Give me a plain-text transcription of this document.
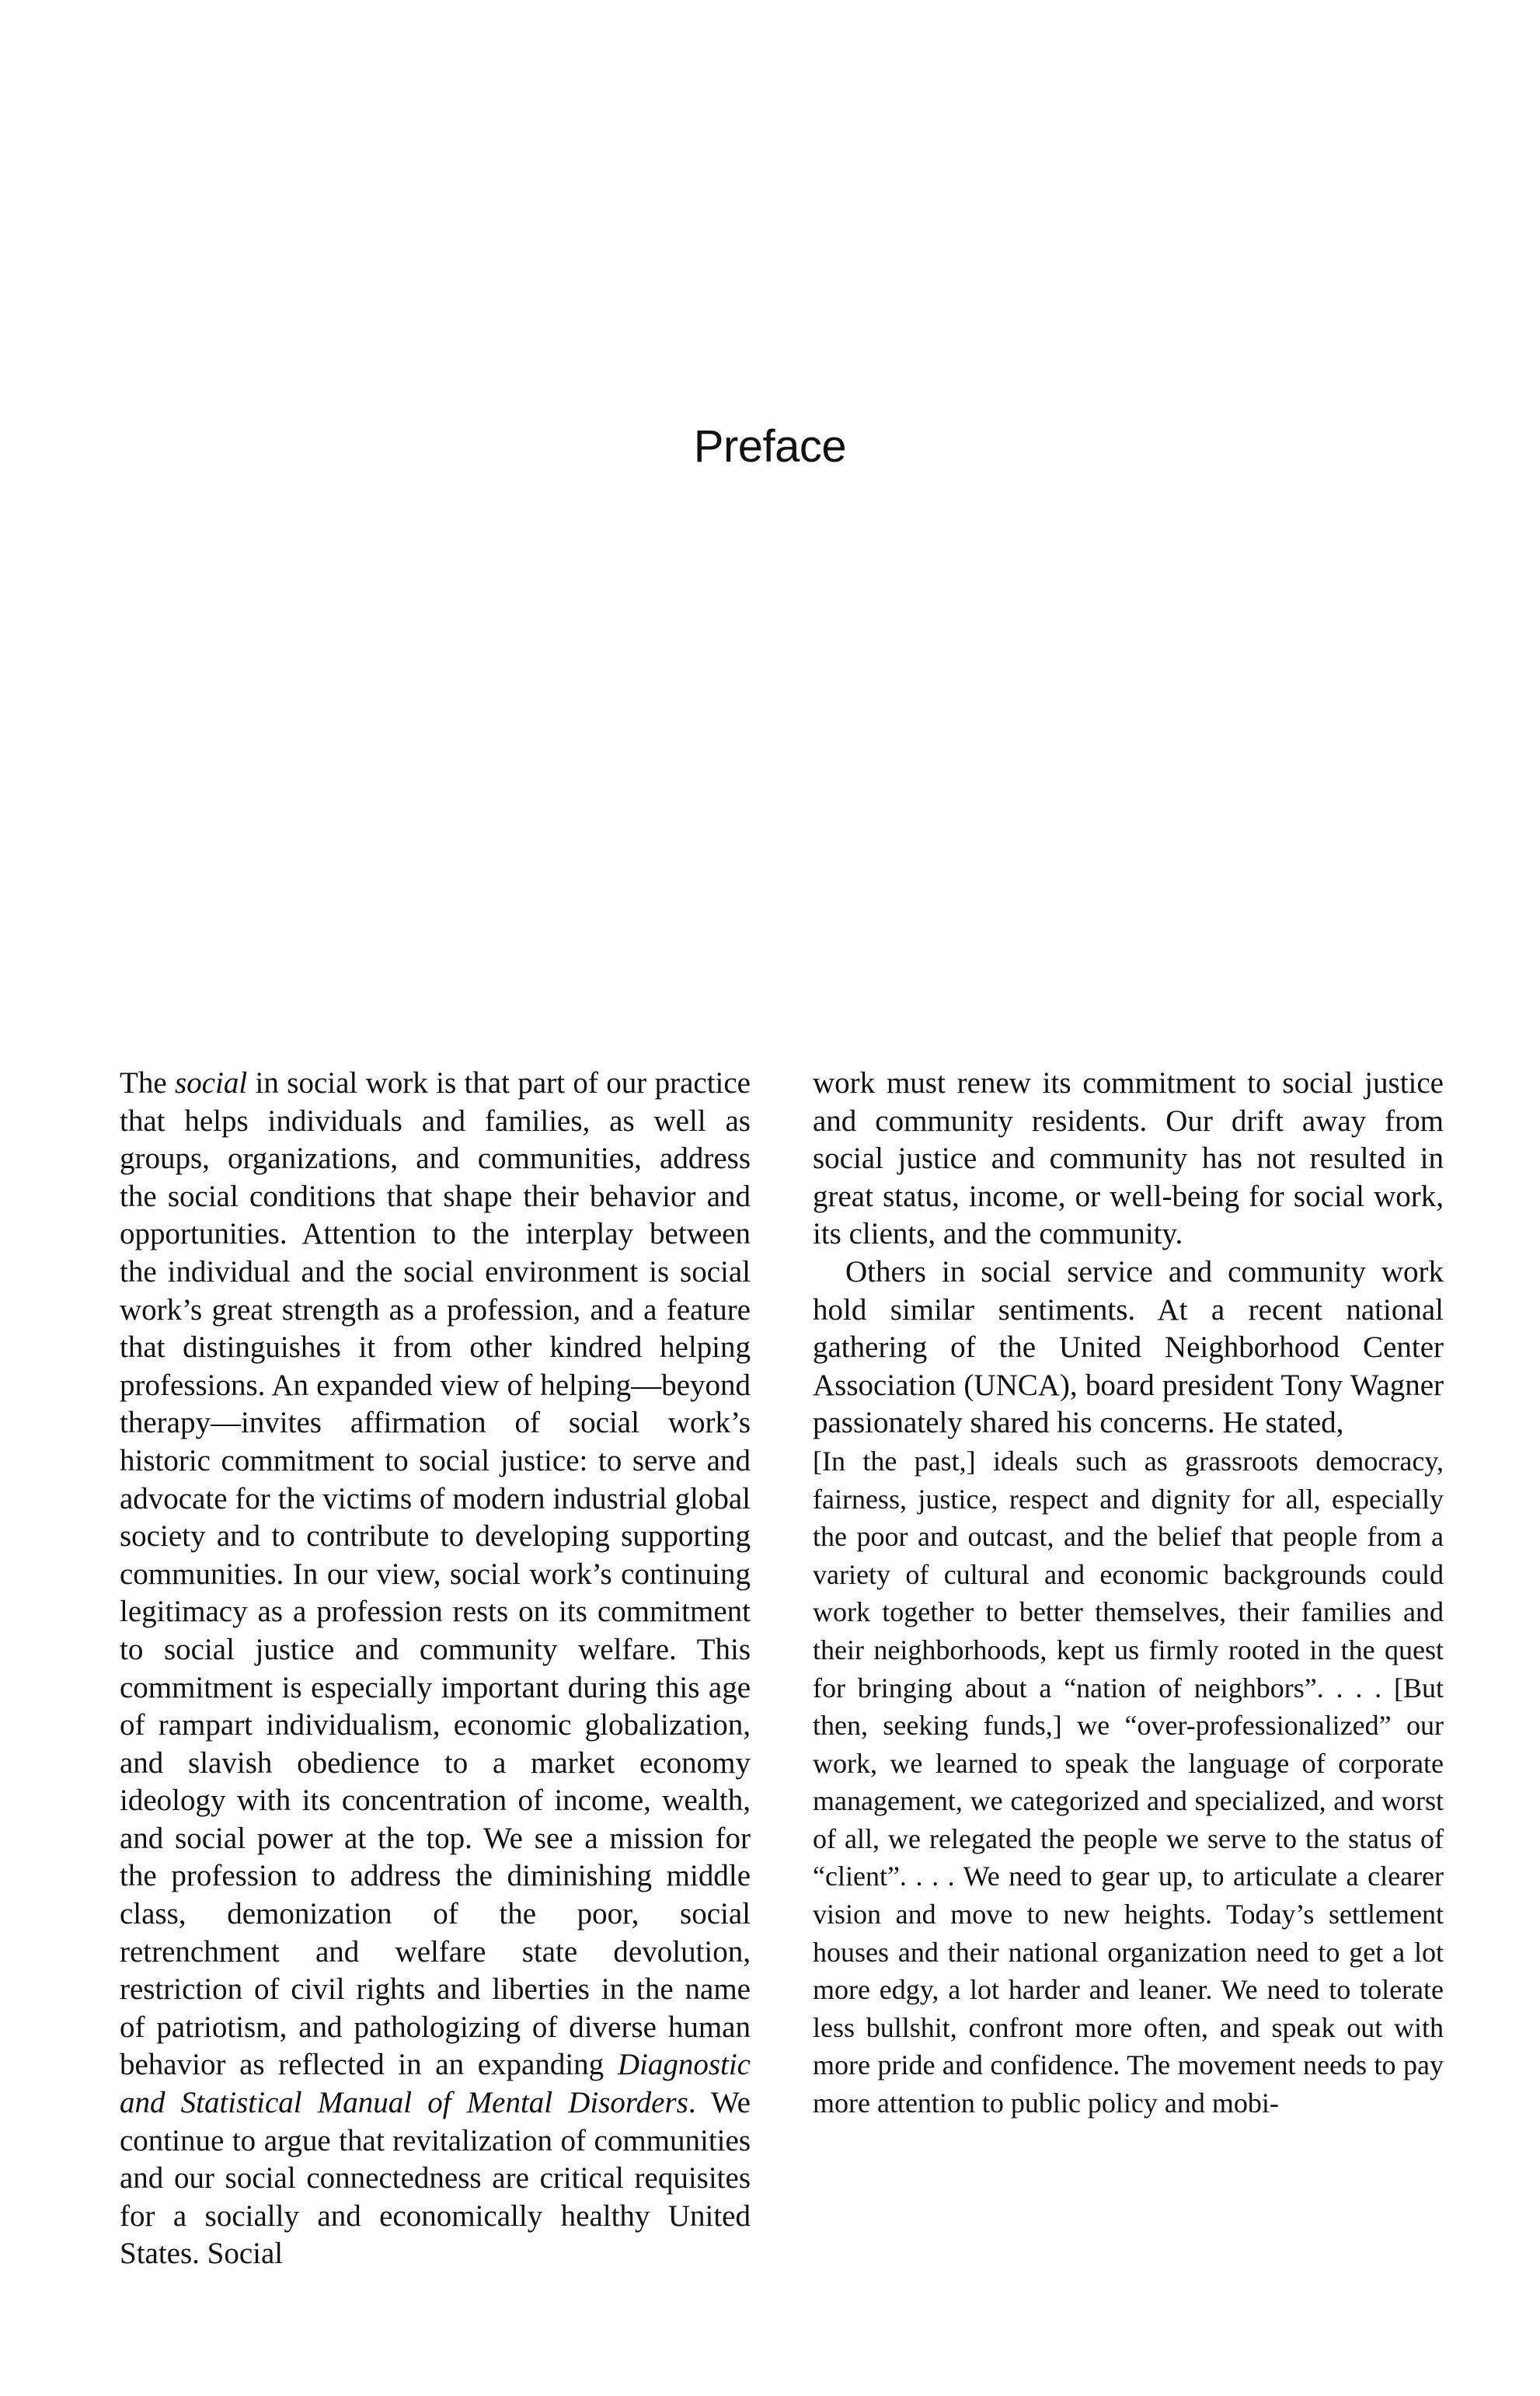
Preface

The social in social work is that part of our practice that helps individuals and families, as well as groups, organizations, and communities, address the social conditions that shape their behavior and opportunities. Attention to the interplay between the individual and the social environment is social work’s great strength as a profession, and a feature that distinguishes it from other kindred helping professions. An expanded view of helping—beyond therapy—invites affirmation of social work’s historic commitment to social justice: to serve and advocate for the victims of modern industrial global society and to contribute to developing supporting communities. In our view, social work’s continuing legitimacy as a profession rests on its commitment to social justice and community welfare. This commitment is especially important during this age of rampart individualism, economic globalization, and slavish obedience to a market economy ideology with its concentration of income, wealth, and social power at the top. We see a mission for the profession to address the diminishing middle class, demonization of the poor, social retrenchment and welfare state devolution, restriction of civil rights and liberties in the name of patriotism, and pathologizing of diverse human behavior as reflected in an expanding Diagnostic and Statistical Manual of Mental Disorders. We continue to argue that revitalization of communities and our social connectedness are critical requisites for a socially and economically healthy United States. Social

work must renew its commitment to social justice and community residents. Our drift away from social justice and community has not resulted in great status, income, or well-being for social work, its clients, and the community.

Others in social service and community work hold similar sentiments. At a recent national gathering of the United Neighborhood Center Association (UNCA), board president Tony Wagner passionately shared his concerns. He stated,

[In the past,] ideals such as grassroots democracy, fairness, justice, respect and dignity for all, especially the poor and outcast, and the belief that people from a variety of cultural and economic backgrounds could work together to better themselves, their families and their neighborhoods, kept us firmly rooted in the quest for bringing about a “nation of neighbors”. . . . [But then, seeking funds,] we “over-professionalized” our work, we learned to speak the language of corporate management, we categorized and specialized, and worst of all, we relegated the people we serve to the status of “client”. . . . We need to gear up, to articulate a clearer vision and move to new heights. Today’s settlement houses and their national organization need to get a lot more edgy, a lot harder and leaner. We need to tolerate less bullshit, confront more often, and speak out with more pride and confidence. The movement needs to pay more attention to public policy and mobi-
